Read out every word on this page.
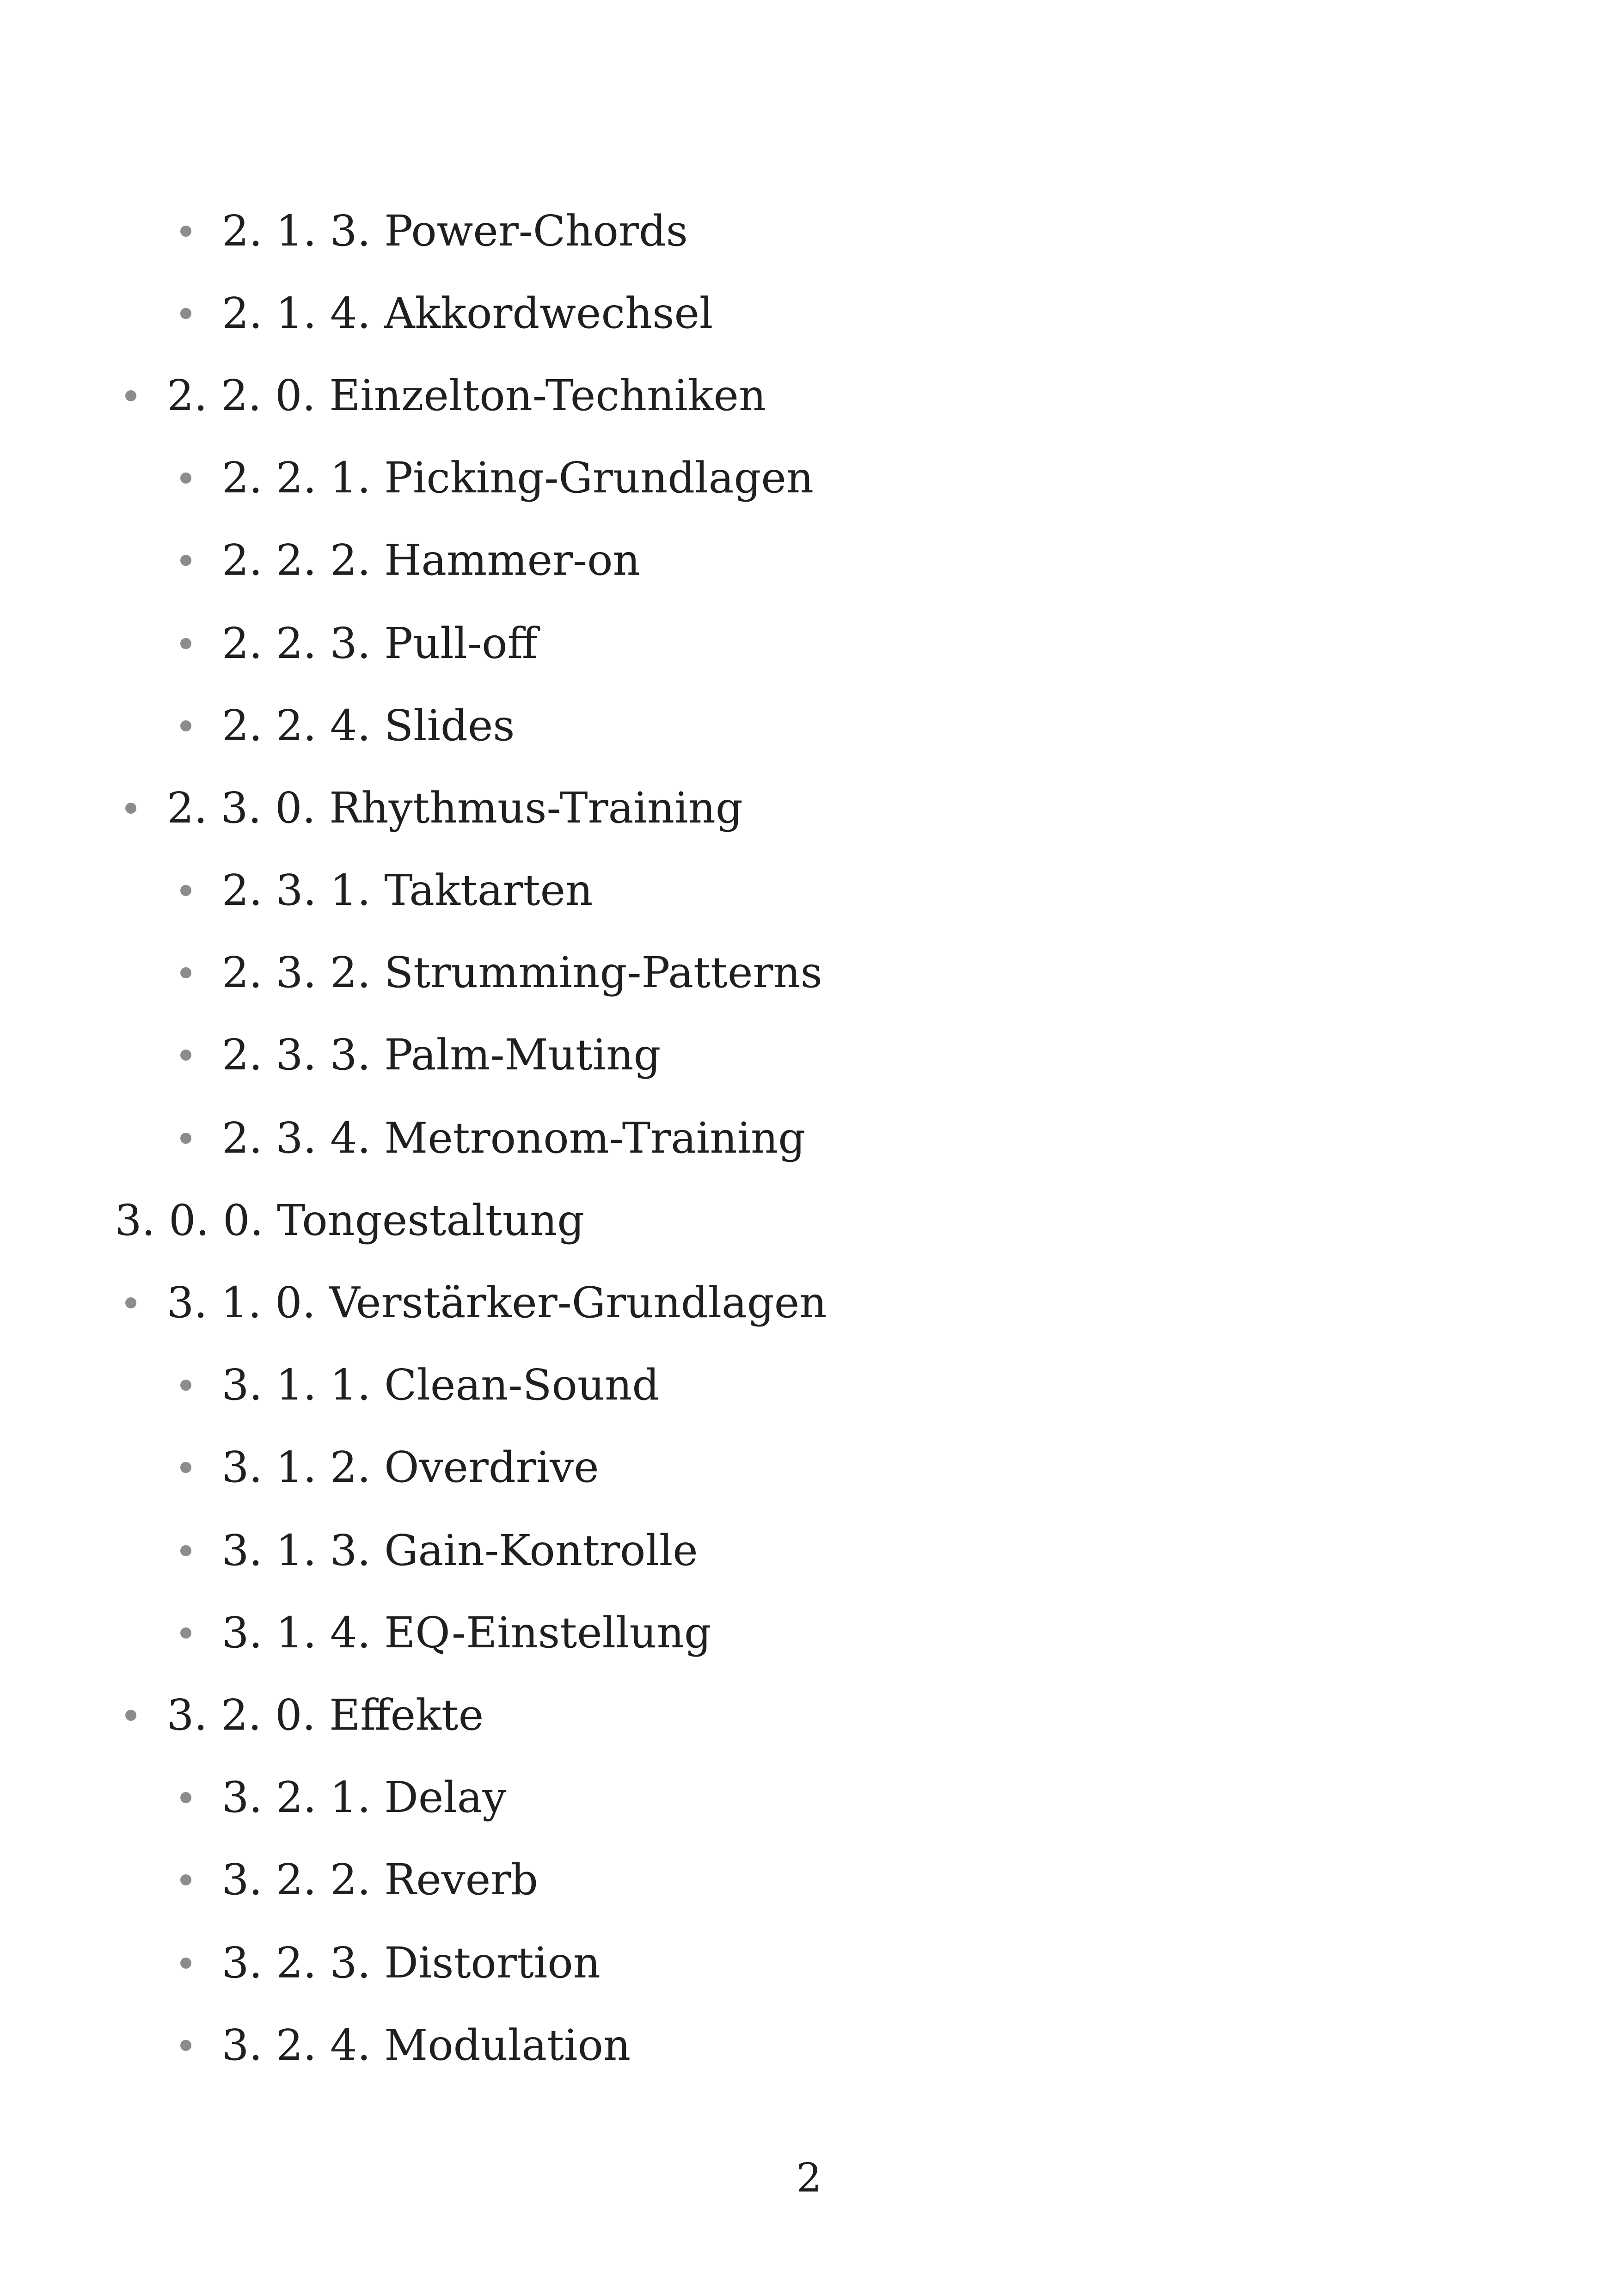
2. 1. 3. Power-Chords
2. 1. 4. Akkordwechsel
2. 2. 0. Einzelton-Techniken
2. 2. 1. Picking-Grundlagen
2. 2. 2. Hammer-on
2. 2. 3. Pull-off
2. 2. 4. Slides
2. 3. 0. Rhythmus-Training
2. 3. 1. Taktarten
2. 3. 2. Strumming-Patterns
2. 3. 3. Palm-Muting
2. 3. 4. Metronom-Training
3. 0. 0. Tongestaltung
3. 1. 0. Verstärker-Grundlagen
3. 1. 1. Clean-Sound
3. 1. 2. Overdrive
3. 1. 3. Gain-Kontrolle
3. 1. 4. EQ-Einstellung
3. 2. 0. Effekte
3. 2. 1. Delay
3. 2. 2. Reverb
3. 2. 3. Distortion
3. 2. 4. Modulation
2
